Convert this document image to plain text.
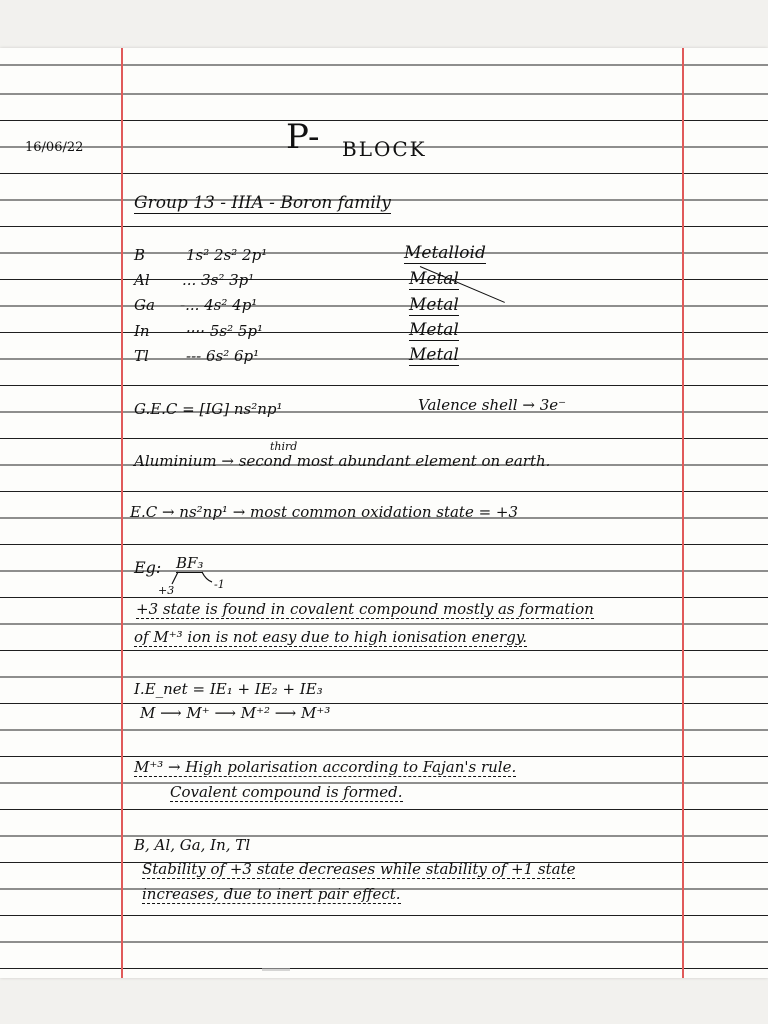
16/06/22	P- BLOCK
Group 13 - IIIA - Boron family
B	1s² 2s² 2p¹	Metalloid
Al ... 3s² 3p¹	Metal
Ga -... 4s² 4p¹	Metal
In ···· 5s² 5p¹	Metal
Tl --- 6s² 6p¹	Metal
G.E.C = [IG] ns²np¹	Valence shell → 3e⁻
third
Aluminium → second most abundant element on earth.
E.C → ns²np¹ → most common oxidation state = +3
Eg: BF₃
+3	-1
+3 state is found in covalent compound mostly as formation
of M⁺³ ion is not easy due to high ionisation energy.
I.E_net = IE₁ + IE₂ + IE₃
M ⟶ M⁺ ⟶ M⁺² ⟶ M⁺³
M⁺³ → High polarisation according to Fajan's rule.
Covalent compound is formed.
B, Al, Ga, In, Tl
Stability of +3 state decreases while stability of +1 state
increases, due to inert pair effect.
